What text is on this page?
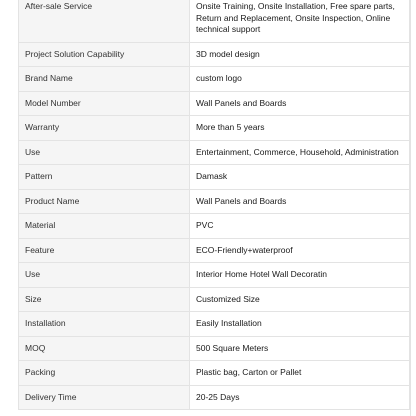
After-sale Service	Onsite Training, Onsite Installation, Free spare parts, Return and Replacement, Onsite Inspection, Online technical support
Project Solution Capability	3D model design
Brand Name	custom logo
Model Number	Wall Panels and Boards
Warranty	More than 5 years
Use	Entertainment, Commerce, Household, Administration
Pattern	Damask
Product Name	Wall Panels and Boards
Material	PVC
Feature	ECO-Friendly+waterproof
Use	Interior Home Hotel Wall Decoratin
Size	Customized Size
Installation	Easily Installation
MOQ	500 Square Meters
Packing	Plastic bag, Carton or Pallet
Delivery Time	20-25 Days
